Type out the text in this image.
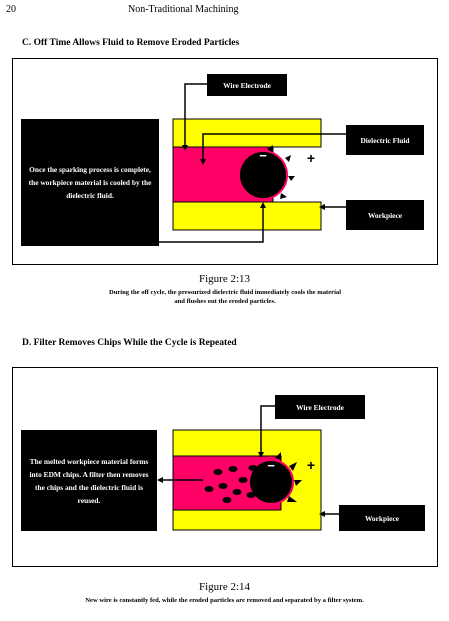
20	Non-Traditional Machining
C. Off Time Allows Fluid to Remove Eroded Particles
−	+
Wire Electrode
Dielectric Fluid
Workpiece
Once the sparking process is complete, the workpiece material is cooled by the dielectric fluid.
Figure 2:13
During the off cycle, the pressurized dielectric fluid immediately cools the material
and flushes out the eroded particles.
D. Filter Removes Chips While the Cycle is Repeated
− +
Wire Electrode
Workpiece
The melted workpiece material forms into EDM chips. A filter then removes the chips and the dielectric fluid is reused.
Figure 2:14
New wire is constantly fed, while the eroded particles are removed and separated by a filter system.
